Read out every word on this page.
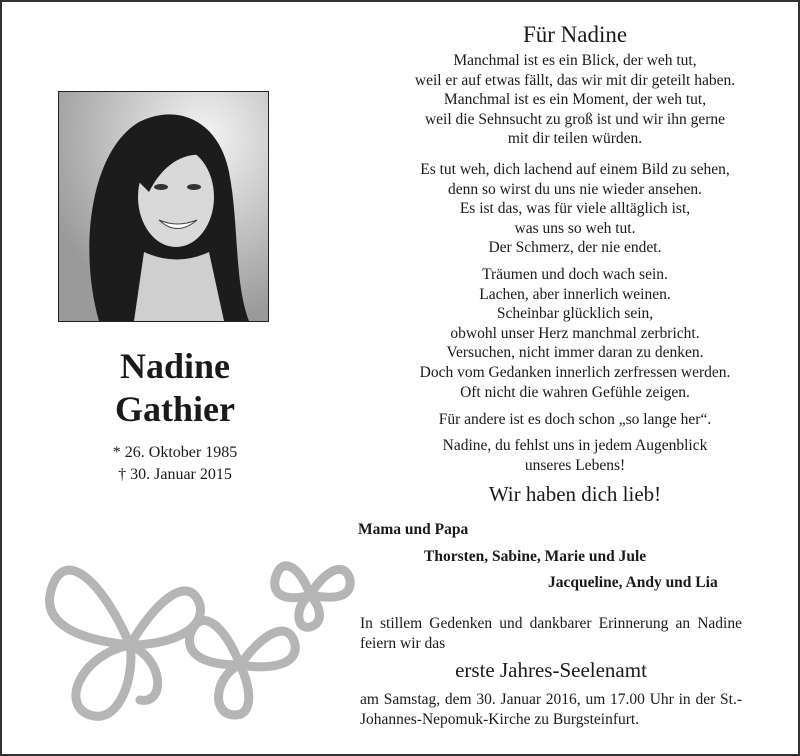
Nadine
Gathier
* 26. Oktober 1985
† 30. Januar 2015
Für Nadine
Manchmal ist es ein Blick, der weh tut,
weil er auf etwas fällt, das wir mit dir geteilt haben.
Manchmal ist es ein Moment, der weh tut,
weil die Sehnsucht zu groß ist und wir ihn gerne
mit dir teilen würden.
Es tut weh, dich lachend auf einem Bild zu sehen,
denn so wirst du uns nie wieder ansehen.
Es ist das, was für viele alltäglich ist,
was uns so weh tut.
Der Schmerz, der nie endet.
Träumen und doch wach sein.
Lachen, aber innerlich weinen.
Scheinbar glücklich sein,
obwohl unser Herz manchmal zerbricht.
Versuchen, nicht immer daran zu denken.
Doch vom Gedanken innerlich zerfressen werden.
Oft nicht die wahren Gefühle zeigen.
Für andere ist es doch schon „so lange her“.
Nadine, du fehlst uns in jedem Augenblick
unseres Lebens!
Wir haben dich lieb!
Mama und Papa
Thorsten, Sabine, Marie und Jule
Jacqueline, Andy und Lia
In stillem Gedenken und dankbarer Erinnerung an Nadine feiern wir das
erste Jahres-Seelenamt
am Samstag, dem 30. Januar 2016, um 17.00 Uhr in der St.-Johannes-Nepomuk-Kirche zu Burgsteinfurt.
